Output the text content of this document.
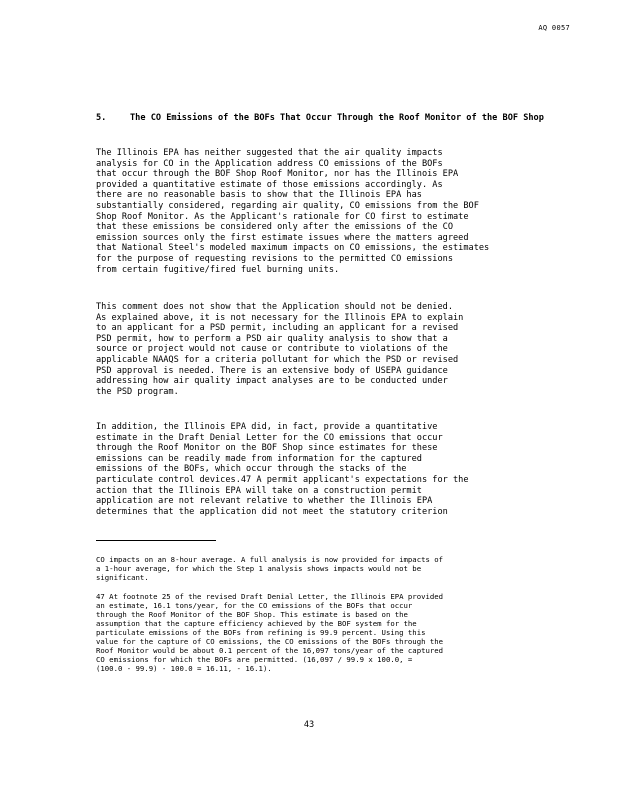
AQ 0057
5.	The CO Emissions of the BOFs That Occur Through the Roof Monitor of the BOF Shop

The Illinois EPA has neither suggested that the air quality impacts
analysis for CO in the Application address CO emissions of the BOFs
that occur through the BOF Shop Roof Monitor, nor has the Illinois EPA
provided a quantitative estimate of those emissions accordingly. As
there are no reasonable basis to show that the Illinois EPA has
substantially considered, regarding air quality, CO emissions from the BOF
Shop Roof Monitor. As the Applicant's rationale for CO first to estimate
that these emissions be considered only after the emissions of the CO
emission sources only the first estimate issues where the matters agreed
that National Steel's modeled maximum impacts on CO emissions, the estimates
for the purpose of requesting revisions to the permitted CO emissions
from certain fugitive/fired fuel burning units.

This comment does not show that the Application should not be denied.
As explained above, it is not necessary for the Illinois EPA to explain
to an applicant for a PSD permit, including an applicant for a revised
PSD permit, how to perform a PSD air quality analysis to show that a
source or project would not cause or contribute to violations of the
applicable NAAQS for a criteria pollutant for which the PSD or revised
PSD approval is needed. There is an extensive body of USEPA guidance
addressing how air quality impact analyses are to be conducted under
the PSD program.

In addition, the Illinois EPA did, in fact, provide a quantitative
estimate in the Draft Denial Letter for the CO emissions that occur
through the Roof Monitor on the BOF Shop since estimates for these
emissions can be readily made from information for the captured
emissions of the BOFs, which occur through the stacks of the
particulate control devices.47 A permit applicant's expectations for the
action that the Illinois EPA will take on a construction permit
application are not relevant relative to whether the Illinois EPA
determines that the application did not meet the statutory criterion

CO impacts on an 8-hour average. A full analysis is now provided for impacts of
a 1-hour average, for which the Step 1 analysis shows impacts would not be
significant.

47 At footnote 25 of the revised Draft Denial Letter, the Illinois EPA provided
an estimate, 16.1 tons/year, for the CO emissions of the BOFs that occur
through the Roof Monitor of the BOF Shop. This estimate is based on the
assumption that the capture efficiency achieved by the BOF system for the
particulate emissions of the BOFs from refining is 99.9 percent. Using this
value for the capture of CO emissions, the CO emissions of the BOFs through the
Roof Monitor would be about 0.1 percent of the 16,097 tons/year of the captured
CO emissions for which the BOFs are permitted. (16,097 / 99.9 x 100.0, =
(100.0 - 99.9) - 100.0 = 16.11, - 16.1).

43
